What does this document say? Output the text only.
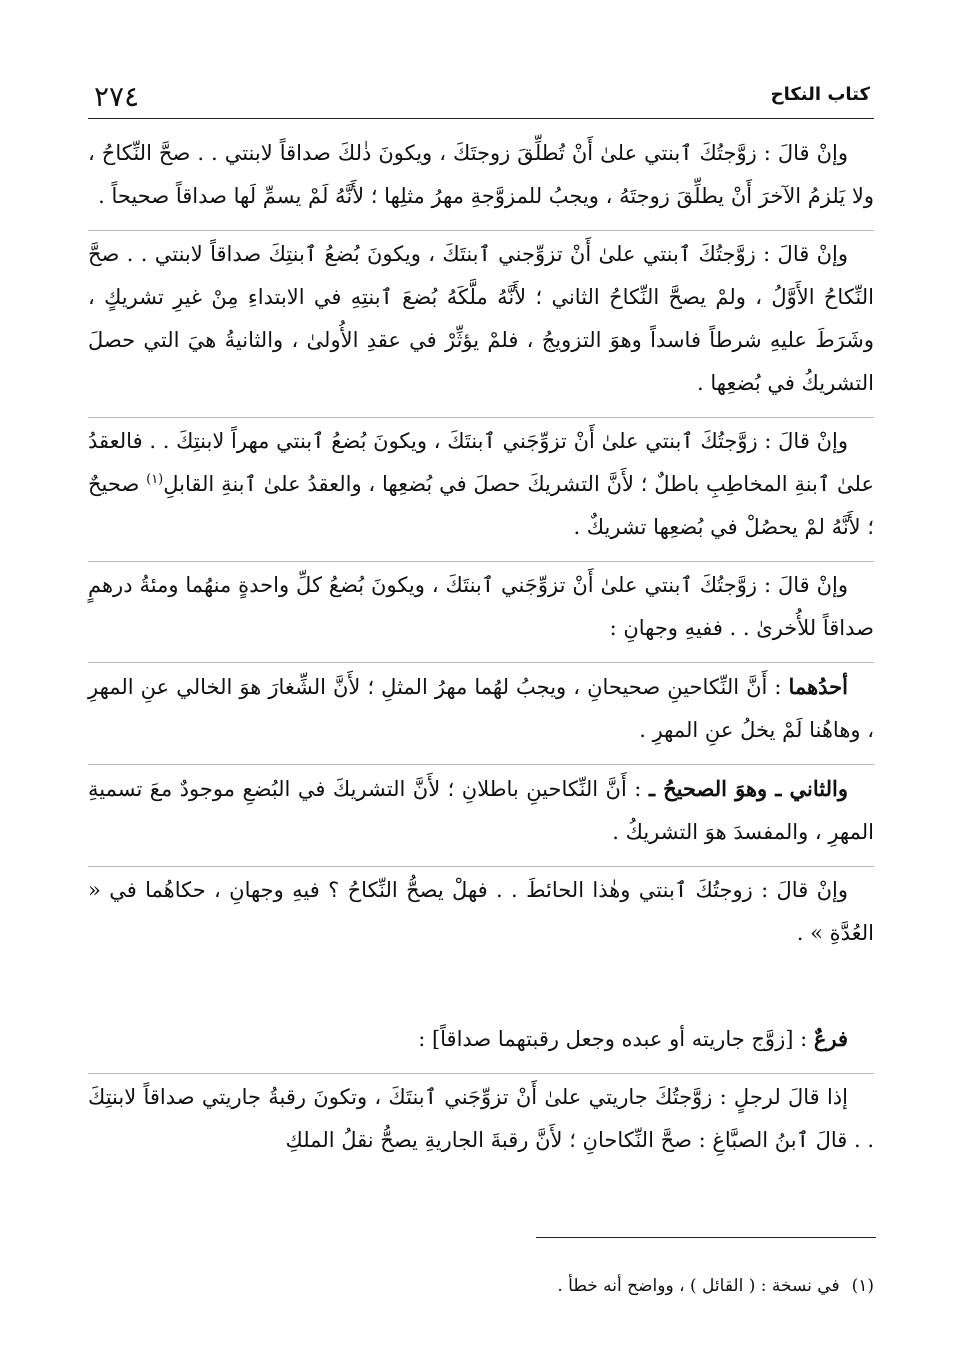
٢٧٤	كتاب النكاح

وإنْ قالَ : زوَّجتُكَ ٱبنتي علىٰ أَنْ تُطلِّقَ زوجتَكَ ، ويكونَ ذٰلكَ صداقاً لابنتي . . صحَّ النِّكاحُ ، ولا يَلزمُ الآخرَ أَنْ يطلِّقَ زوجتَهُ ، ويجبُ للمزوَّجةِ مهرُ مثلِها ؛ لأَنَّهُ لَمْ يسمِّ لَها صداقاً صحيحاً .

وإنْ قالَ : زوَّجتُكَ ٱبنتي علىٰ أَنْ تزوِّجني ٱبنتَكَ ، ويكونَ بُضعُ ٱبنتِكَ صداقاً لابنتي . . صحَّ النِّكاحُ الأَوَّلُ ، ولمْ يصحَّ النِّكاحُ الثاني ؛ لأَنَّهُ ملَّكَهُ بُضعَ ٱبنتِهِ في الابتداءِ مِنْ غيرِ تشريكٍ ، وشَرَطَ عليهِ شرطاً فاسداً وهوَ التزويجُ ، فلمْ يؤثِّرْ في عقدِ الأُولىٰ ، والثانيةُ هيَ التي حصلَ التشريكُ في بُضعِها .

وإنْ قالَ : زوَّجتُكَ ٱبنتي علىٰ أَنْ تزوِّجَني ٱبنتَكَ ، ويكونَ بُضعُ ٱبنتي مهراً لابنتِكَ . . فالعقدُ علىٰ ٱبنةِ المخاطِبِ باطلٌ ؛ لأَنَّ التشريكَ حصلَ في بُضعِها ، والعقدُ علىٰ ٱبنةِ القابلِ$^{(١)}$ صحيحٌ ؛ لأَنَّهُ لمْ يحصُلْ في بُضعِها تشريكٌ .

وإنْ قالَ : زوَّجتُكَ ٱبنتي علىٰ أَنْ تزوِّجَني ٱبنتَكَ ، ويكونَ بُضعُ كلِّ واحدةٍ منهُما ومئةُ درهمٍ صداقاً للأُخرىٰ . . ففيهِ وجهانِ :

أحدُهما : أَنَّ النِّكاحينِ صحيحانِ ، ويجبُ لهُما مهرُ المثلِ ؛ لأَنَّ الشِّغارَ هوَ الخالي عنِ المهرِ ، وهاهُنا لَمْ يخلُ عنِ المهرِ .

والثاني ـ وهوَ الصحيحُ ـ : أَنَّ النِّكاحينِ باطلانِ ؛ لأَنَّ التشريكَ في البُضعِ موجودٌ معَ تسميةِ المهرِ ، والمفسدَ هوَ التشريكُ .

وإنْ قالَ : زوجتُكَ ٱبنتي وهٰذا الحائطَ . . فهلْ يصحُّ النِّكاحُ ؟ فيهِ وجهانِ ، حكاهُما في « العُدَّةِ » .

فرعٌ : [زوَّج جاريته أو عبده وجعل رقبتهما صداقاً] :

إذا قالَ لرجلٍ : زوَّجتُكَ جاريتي علىٰ أَنْ تزوِّجَني ٱبنتَكَ ، وتكونَ رقبةُ جاريتي صداقاً لابنتِكَ . . قالَ ٱبنُ الصبَّاغِ : صحَّ النِّكاحانِ ؛ لأَنَّ رقبةَ الجاريةِ يصحُّ نقلُ الملكِ

(١)في نسخة : ( القائل ) ، وواضح أنه خطأ .
